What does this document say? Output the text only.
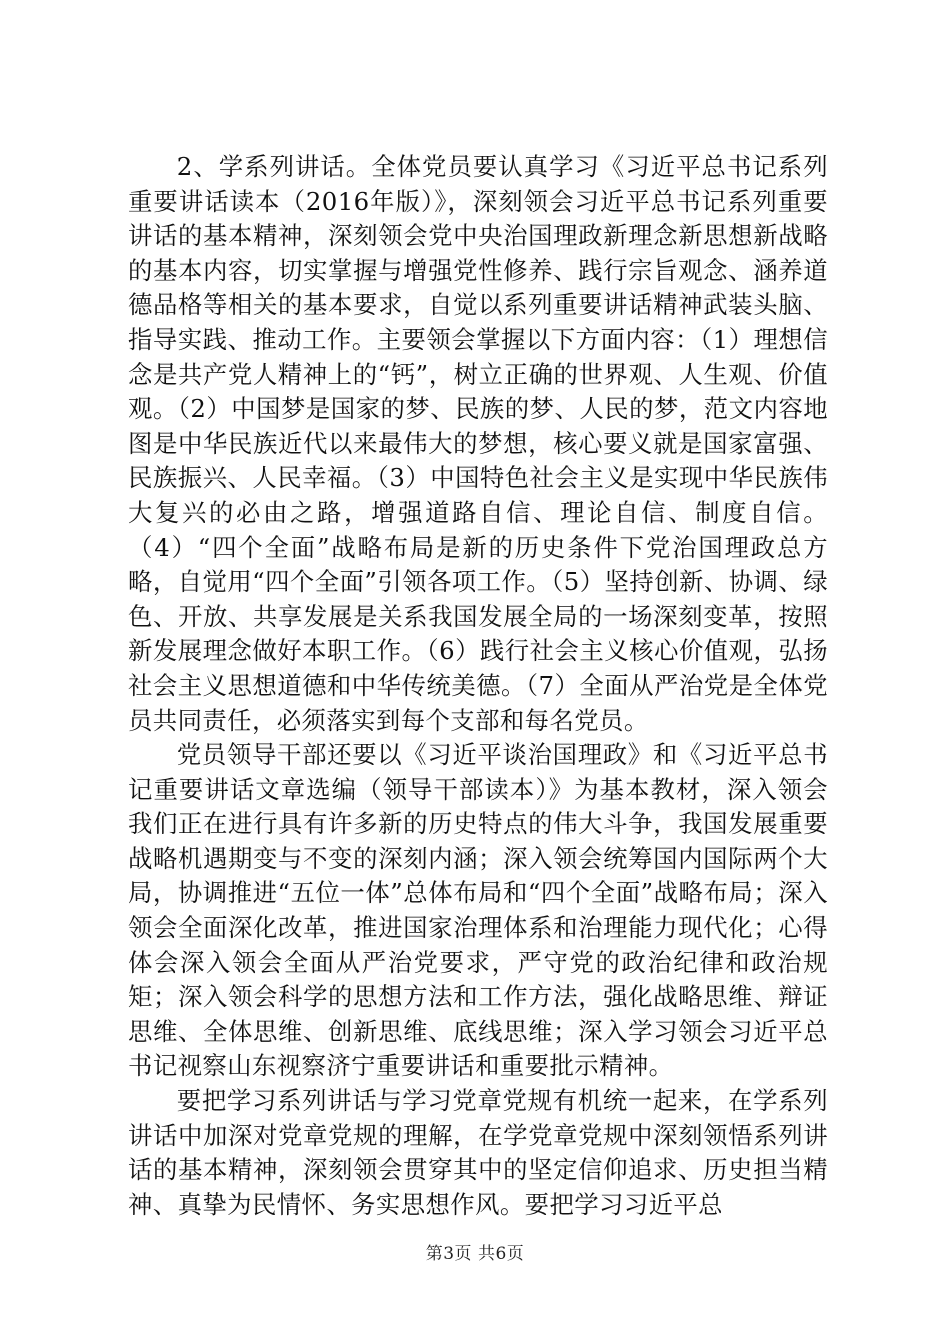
2、学系列讲话。全体党员要认真学习《习近平总书记系列重要讲话读本（2016年版）》，深刻领会习近平总书记系列重要讲话的基本精神，深刻领会党中央治国理政新理念新思想新战略的基本内容，切实掌握与增强党性修养、践行宗旨观念、涵养道德品格等相关的基本要求，自觉以系列重要讲话精神武装头脑、指导实践、推动工作。主要领会掌握以下方面内容：（1）理想信念是共产党人精神上的“钙”，树立正确的世界观、人生观、价值观。（2）中国梦是国家的梦、民族的梦、人民的梦，范文内容地图是中华民族近代以来最伟大的梦想，核心要义就是国家富强、民族振兴、人民幸福。（3）中国特色社会主义是实现中华民族伟大复兴的必由之路，增强道路自信、理论自信、制度自信。（4）“四个全面”战略布局是新的历史条件下党治国理政总方略，自觉用“四个全面”引领各项工作。（5）坚持创新、协调、绿色、开放、共享发展是关系我国发展全局的一场深刻变革，按照新发展理念做好本职工作。（6）践行社会主义核心价值观，弘扬社会主义思想道德和中华传统美德。（7）全面从严治党是全体党员共同责任，必须落实到每个支部和每名党员。

党员领导干部还要以《习近平谈治国理政》和《习近平总书记重要讲话文章选编（领导干部读本）》为基本教材，深入领会我们正在进行具有许多新的历史特点的伟大斗争，我国发展重要战略机遇期变与不变的深刻内涵；深入领会统筹国内国际两个大局，协调推进“五位一体”总体布局和“四个全面”战略布局；深入领会全面深化改革，推进国家治理体系和治理能力现代化；心得体会深入领会全面从严治党要求，严守党的政治纪律和政治规矩；深入领会科学的思想方法和工作方法，强化战略思维、辩证思维、全体思维、创新思维、底线思维；深入学习领会习近平总书记视察山东视察济宁重要讲话和重要批示精神。

要把学习系列讲话与学习党章党规有机统一起来，在学系列讲话中加深对党章党规的理解，在学党章党规中深刻领悟系列讲话的基本精神，深刻领会贯穿其中的坚定信仰追求、历史担当精神、真挚为民情怀、务实思想作风。要把学习习近平总

第3页 共6页
